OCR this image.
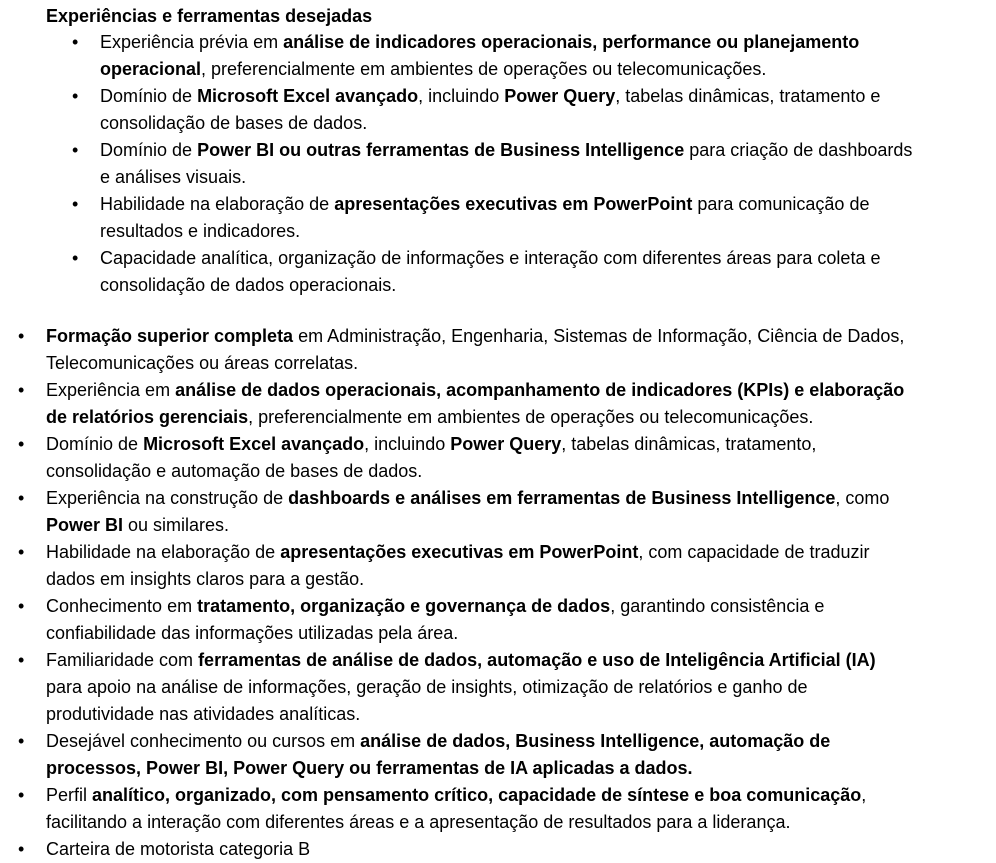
Experiências e ferramentas desejadas
• Experiência prévia em análise de indicadores operacionais, performance ou planejamento
operacional, preferencialmente em ambientes de operações ou telecomunicações.
• Domínio de Microsoft Excel avançado, incluindo Power Query, tabelas dinâmicas, tratamento e
consolidação de bases de dados.
• Domínio de Power BI ou outras ferramentas de Business Intelligence para criação de dashboards
e análises visuais.
• Habilidade na elaboração de apresentações executivas em PowerPoint para comunicação de
resultados e indicadores.
• Capacidade analítica, organização de informações e interação com diferentes áreas para coleta e
consolidação de dados operacionais.
• Formação superior completa em Administração, Engenharia, Sistemas de Informação, Ciência de Dados,
Telecomunicações ou áreas correlatas.
• Experiência em análise de dados operacionais, acompanhamento de indicadores (KPIs) e elaboração
de relatórios gerenciais, preferencialmente em ambientes de operações ou telecomunicações.
• Domínio de Microsoft Excel avançado, incluindo Power Query, tabelas dinâmicas, tratamento,
consolidação e automação de bases de dados.
• Experiência na construção de dashboards e análises em ferramentas de Business Intelligence, como
Power BI ou similares.
• Habilidade na elaboração de apresentações executivas em PowerPoint, com capacidade de traduzir
dados em insights claros para a gestão.
• Conhecimento em tratamento, organização e governança de dados, garantindo consistência e
confiabilidade das informações utilizadas pela área.
• Familiaridade com ferramentas de análise de dados, automação e uso de Inteligência Artificial (IA)
para apoio na análise de informações, geração de insights, otimização de relatórios e ganho de
produtividade nas atividades analíticas.
• Desejável conhecimento ou cursos em análise de dados, Business Intelligence, automação de
processos, Power BI, Power Query ou ferramentas de IA aplicadas a dados.
• Perfil analítico, organizado, com pensamento crítico, capacidade de síntese e boa comunicação,
facilitando a interação com diferentes áreas e a apresentação de resultados para a liderança.
• Carteira de motorista categoria B
